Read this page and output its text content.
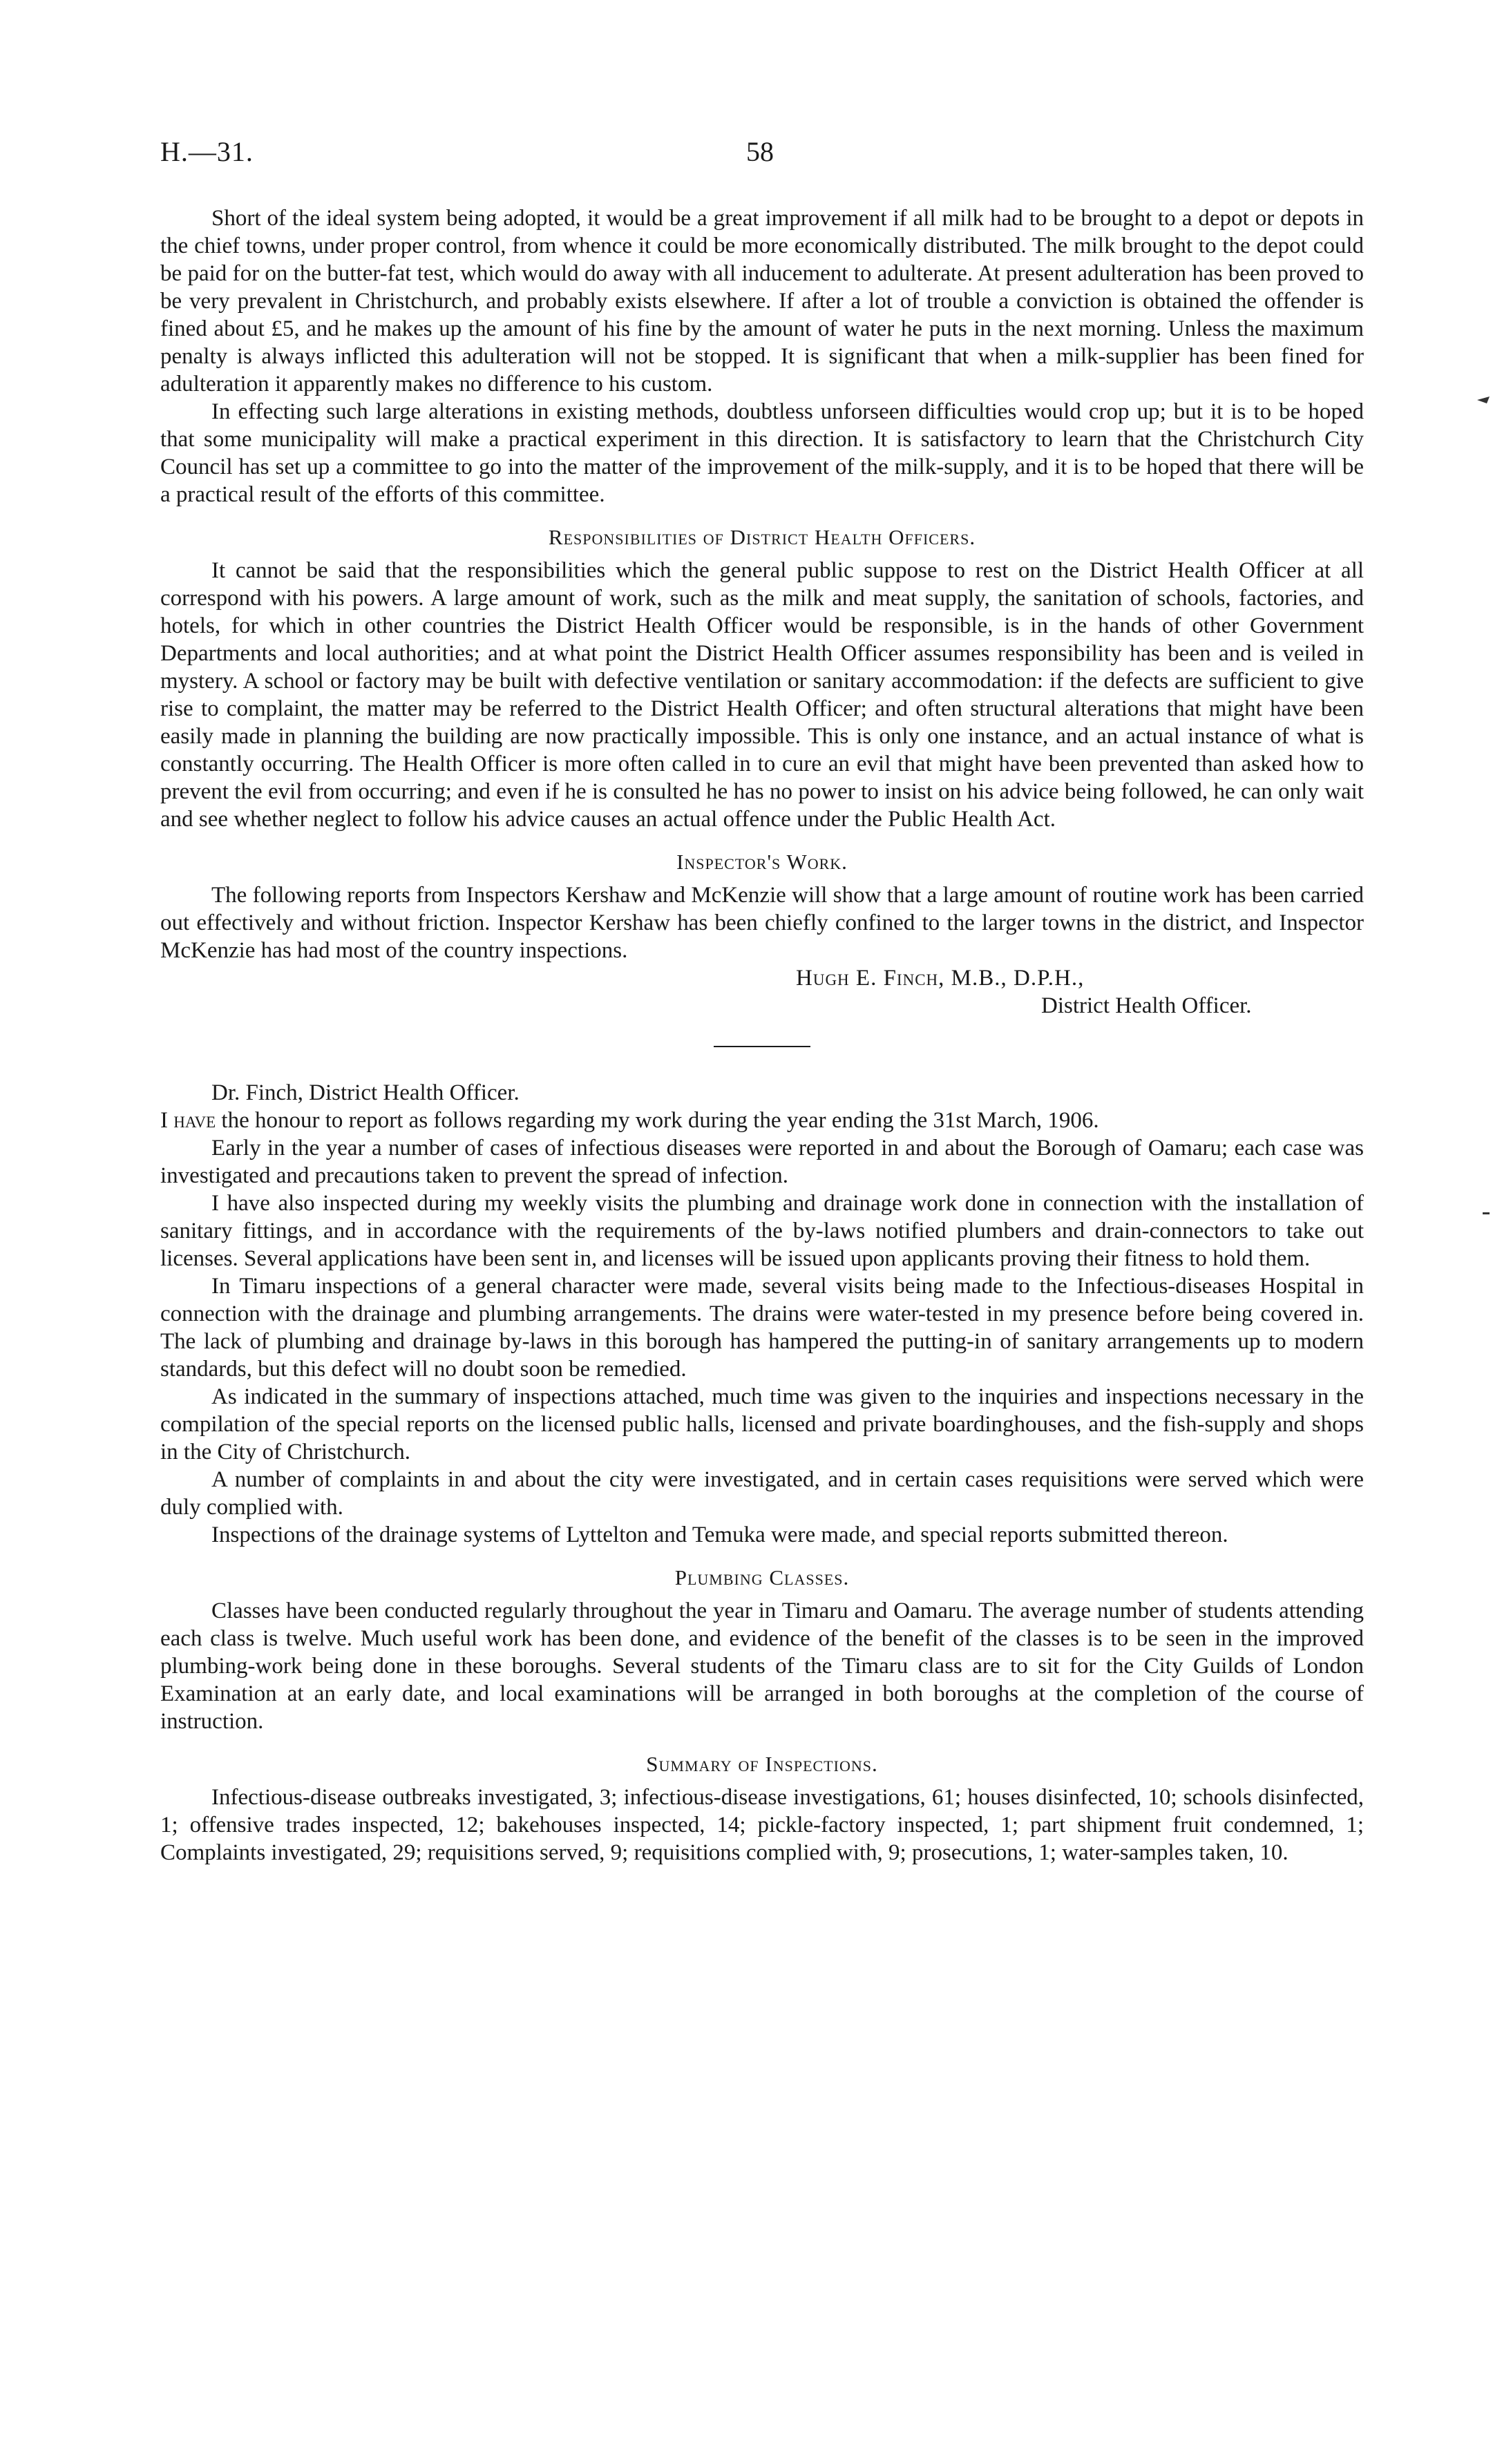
H.—31.	58

Short of the ideal system being adopted, it would be a great improvement if all milk had to be brought to a depot or depots in the chief towns, under proper control, from whence it could be more economically distributed. The milk brought to the depot could be paid for on the butter-fat test, which would do away with all inducement to adulterate. At present adulteration has been proved to be very prevalent in Christchurch, and probably exists elsewhere. If after a lot of trouble a conviction is obtained the offender is fined about £5, and he makes up the amount of his fine by the amount of water he puts in the next morning. Unless the maximum penalty is always inflicted this adulteration will not be stopped. It is significant that when a milk-supplier has been fined for adulteration it apparently makes no difference to his custom.

In effecting such large alterations in existing methods, doubtless unforseen difficulties would crop up; but it is to be hoped that some municipality will make a practical experiment in this direction. It is satisfactory to learn that the Christchurch City Council has set up a committee to go into the matter of the improvement of the milk-supply, and it is to be hoped that there will be a practical result of the efforts of this committee.

Responsibilities of District Health Officers.

It cannot be said that the responsibilities which the general public suppose to rest on the District Health Officer at all correspond with his powers. A large amount of work, such as the milk and meat supply, the sanitation of schools, factories, and hotels, for which in other countries the District Health Officer would be responsible, is in the hands of other Government Departments and local authorities; and at what point the District Health Officer assumes responsibility has been and is veiled in mystery. A school or factory may be built with defective ventilation or sanitary accommodation: if the defects are sufficient to give rise to complaint, the matter may be referred to the District Health Officer; and often structural alterations that might have been easily made in planning the building are now practically impossible. This is only one instance, and an actual instance of what is constantly occurring. The Health Officer is more often called in to cure an evil that might have been prevented than asked how to prevent the evil from occurring; and even if he is consulted he has no power to insist on his advice being followed, he can only wait and see whether neglect to follow his advice causes an actual offence under the Public Health Act.

Inspector's Work.

The following reports from Inspectors Kershaw and McKenzie will show that a large amount of routine work has been carried out effectively and without friction. Inspector Kershaw has been chiefly confined to the larger towns in the district, and Inspector McKenzie has had most of the country inspections.

Hugh E. Finch, M.B., D.P.H.,
District Health Officer.

Dr. Finch, District Health Officer.

I have the honour to report as follows regarding my work during the year ending the 31st March, 1906.

Early in the year a number of cases of infectious diseases were reported in and about the Borough of Oamaru; each case was investigated and precautions taken to prevent the spread of infection.

I have also inspected during my weekly visits the plumbing and drainage work done in connection with the installation of sanitary fittings, and in accordance with the requirements of the by-laws notified plumbers and drain-connectors to take out licenses. Several applications have been sent in, and licenses will be issued upon applicants proving their fitness to hold them.

In Timaru inspections of a general character were made, several visits being made to the Infectious-diseases Hospital in connection with the drainage and plumbing arrangements. The drains were water-tested in my presence before being covered in. The lack of plumbing and drainage by-laws in this borough has hampered the putting-in of sanitary arrangements up to modern standards, but this defect will no doubt soon be remedied.

As indicated in the summary of inspections attached, much time was given to the inquiries and inspections necessary in the compilation of the special reports on the licensed public halls, licensed and private boardinghouses, and the fish-supply and shops in the City of Christchurch.

A number of complaints in and about the city were investigated, and in certain cases requisitions were served which were duly complied with.

Inspections of the drainage systems of Lyttelton and Temuka were made, and special reports submitted thereon.

Plumbing Classes.

Classes have been conducted regularly throughout the year in Timaru and Oamaru. The average number of students attending each class is twelve. Much useful work has been done, and evidence of the benefit of the classes is to be seen in the improved plumbing-work being done in these boroughs. Several students of the Timaru class are to sit for the City Guilds of London Examination at an early date, and local examinations will be arranged in both boroughs at the completion of the course of instruction.

Summary of Inspections.

Infectious-disease outbreaks investigated, 3; infectious-disease investigations, 61; houses disinfected, 10; schools disinfected, 1; offensive trades inspected, 12; bakehouses inspected, 14; pickle-factory inspected, 1; part shipment fruit condemned, 1; Complaints investigated, 29; requisitions served, 9; requisitions complied with, 9; prosecutions, 1; water-samples taken, 10.
